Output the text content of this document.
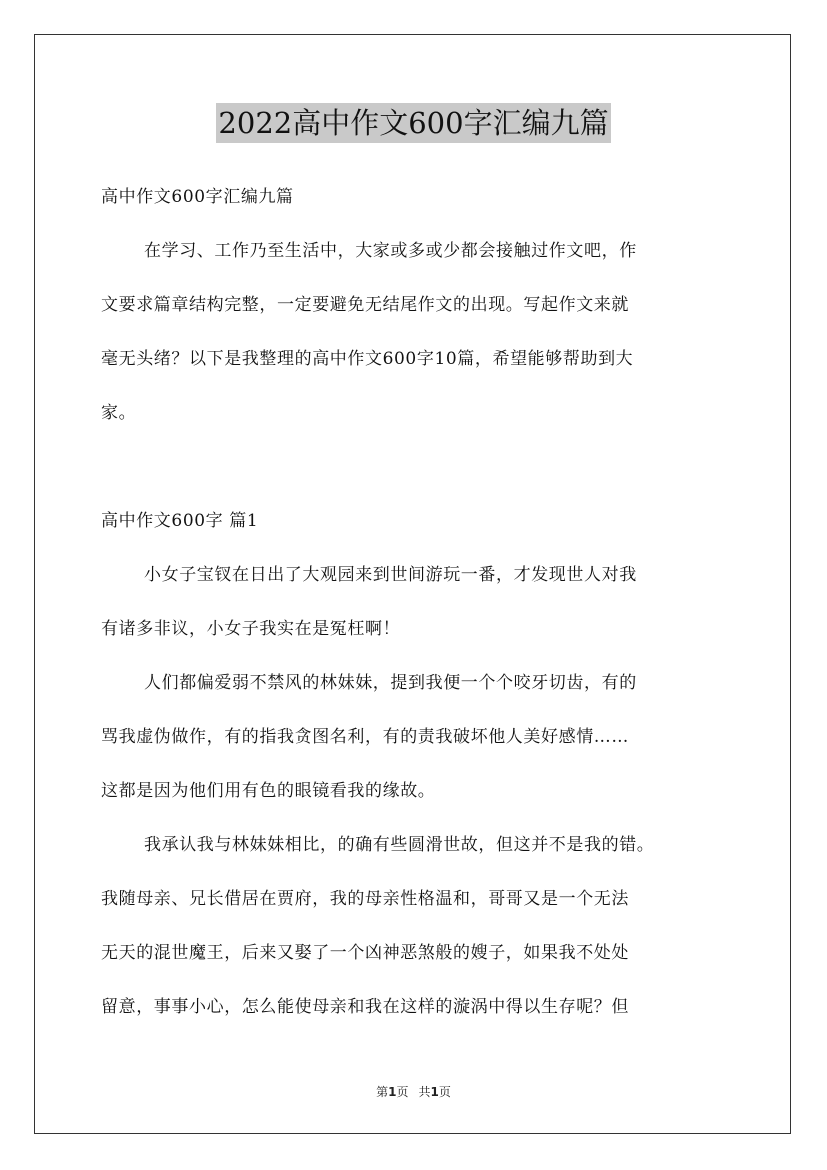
2022高中作文600字汇编九篇
高中作文600字汇编九篇
在学习、工作乃至生活中，大家或多或少都会接触过作文吧，作
文要求篇章结构完整，一定要避免无结尾作文的出现。写起作文来就
毫无头绪？以下是我整理的高中作文600字10篇，希望能够帮助到大
家。
高中作文600字 篇1
小女子宝钗在日出了大观园来到世间游玩一番，才发现世人对我
有诸多非议，小女子我实在是冤枉啊！
人们都偏爱弱不禁风的林妹妹，提到我便一个个咬牙切齿，有的
骂我虚伪做作，有的指我贪图名利，有的责我破坏他人美好感情……
这都是因为他们用有色的眼镜看我的缘故。
我承认我与林妹妹相比，的确有些圆滑世故，但这并不是我的错。
我随母亲、兄长借居在贾府，我的母亲性格温和，哥哥又是一个无法
无天的混世魔王，后来又娶了一个凶神恶煞般的嫂子，如果我不处处
留意，事事小心，怎么能使母亲和我在这样的漩涡中得以生存呢？但
第1页 共1页
